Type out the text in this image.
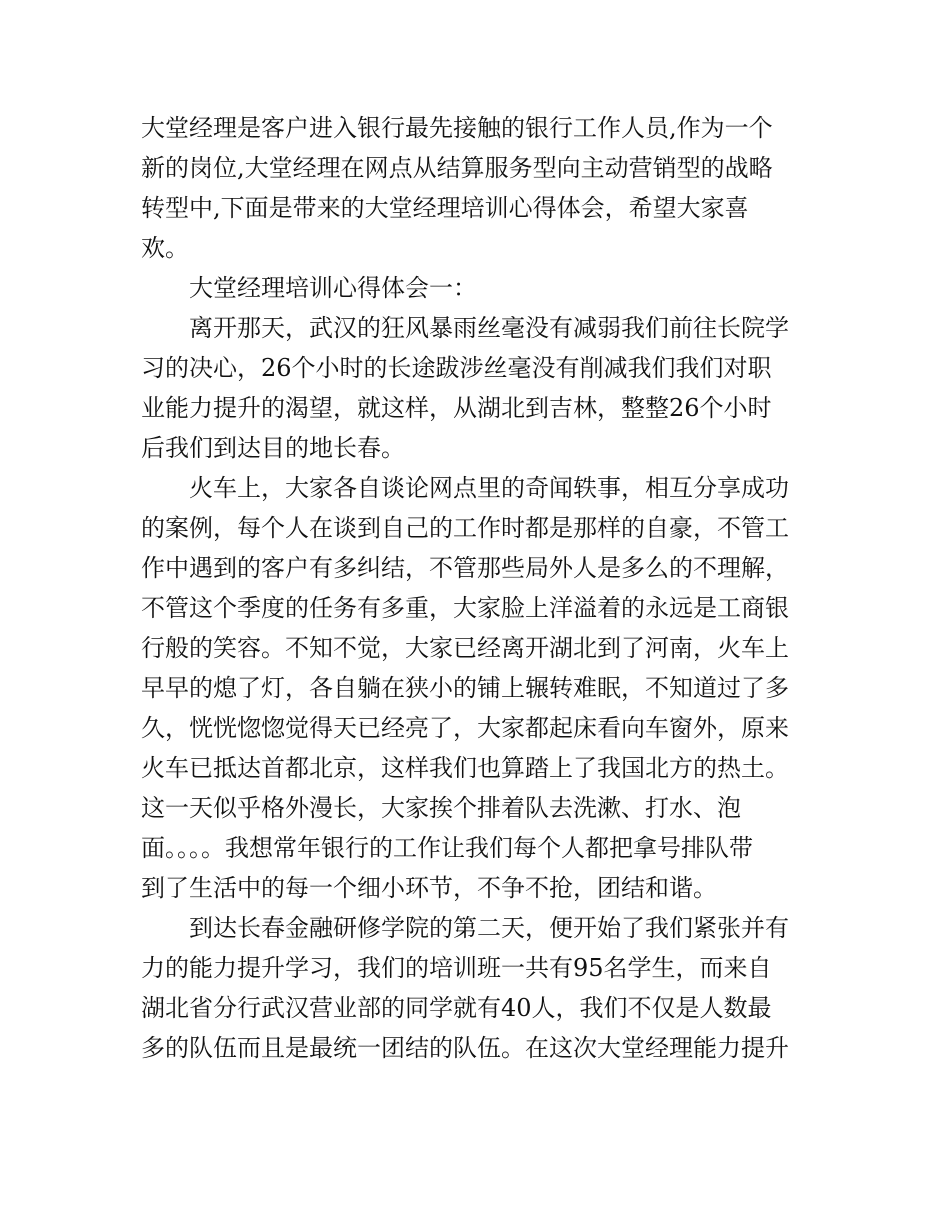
大堂经理是客户进入银行最先接触的银行工作人员,作为一个
新的岗位,大堂经理在网点从结算服务型向主动营销型的战略
转型中,下面是带来的大堂经理培训心得体会，希望大家喜
欢。
大堂经理培训心得体会一：
离开那天，武汉的狂风暴雨丝毫没有减弱我们前往长院学
习的决心，26个小时的长途跋涉丝毫没有削减我们我们对职
业能力提升的渴望，就这样，从湖北到吉林，整整26个小时
后我们到达目的地长春。
火车上，大家各自谈论网点里的奇闻轶事，相互分享成功
的案例，每个人在谈到自己的工作时都是那样的自豪，不管工
作中遇到的客户有多纠结，不管那些局外人是多么的不理解，
不管这个季度的任务有多重，大家脸上洋溢着的永远是工商银
行般的笑容。不知不觉，大家已经离开湖北到了河南，火车上
早早的熄了灯，各自躺在狭小的铺上辗转难眠，不知道过了多
久，恍恍惚惚觉得天已经亮了，大家都起床看向车窗外，原来
火车已抵达首都北京，这样我们也算踏上了我国北方的热土。
这一天似乎格外漫长，大家挨个排着队去洗漱、打水、泡
面。。。。我想常年银行的工作让我们每个人都把拿号排队带
到了生活中的每一个细小环节，不争不抢，团结和谐。
到达长春金融研修学院的第二天，便开始了我们紧张并有
力的能力提升学习，我们的培训班一共有95名学生，而来自
湖北省分行武汉营业部的同学就有40人，我们不仅是人数最
多的队伍而且是最统一团结的队伍。在这次大堂经理能力提升
